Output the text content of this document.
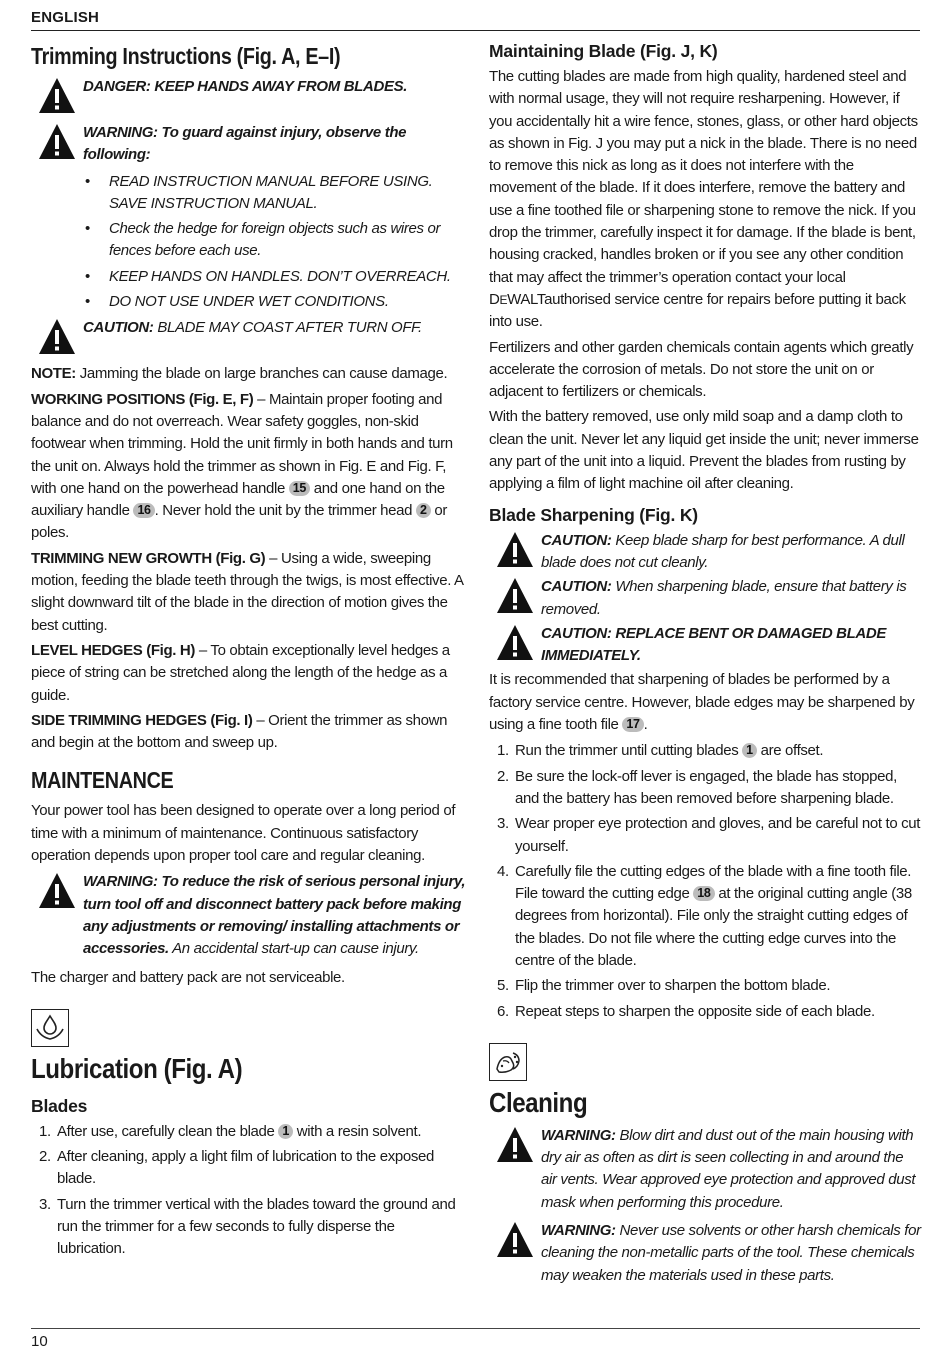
ENGLISH
Trimming Instructions (Fig. A, E–I)
DANGER: KEEP HANDS AWAY FROM BLADES.
WARNING: To guard against injury, observe the following:
• READ INSTRUCTION MANUAL BEFORE USING. SAVE INSTRUCTION MANUAL.
• Check the hedge for foreign objects such as wires or fences before each use.
• KEEP HANDS ON HANDLES. DON’T OVERREACH.
• DO NOT USE UNDER WET CONDITIONS.
CAUTION: BLADE MAY COAST AFTER TURN OFF.

NOTE: Jamming the blade on large branches can cause damage.

WORKING POSITIONS (Fig. E, F) – Maintain proper footing and balance and do not overreach. Wear safety goggles, non-skid footwear when trimming. Hold the unit firmly in both hands and turn the unit on. Always hold the trimmer as shown in Fig. E and Fig. F, with one hand on the powerhead handle 15 and one hand on the auxiliary handle 16 . Never hold the unit by the trimmer head 2 or poles.

TRIMMING NEW GROWTH (Fig. G) – Using a wide, sweeping motion, feeding the blade teeth through the twigs, is most effective. A slight downward tilt of the blade in the direction of motion gives the best cutting.

LEVEL HEDGES (Fig. H) – To obtain exceptionally level hedges a piece of string can be stretched along the length of the hedge as a guide.

SIDE TRIMMING HEDGES (Fig. I) – Orient the trimmer as shown and begin at the bottom and sweep up.

MAINTENANCE

Your power tool has been designed to operate over a long period of time with a minimum of maintenance. Continuous satisfactory operation depends upon proper tool care and regular cleaning.

WARNING: To reduce the risk of serious personal injury, turn tool off and disconnect battery pack before making any adjustments or removing/ installing attachments or accessories. An accidental start-up can cause injury.

The charger and battery pack are not serviceable.

Lubrication (Fig. A)
Blades
1. After use, carefully clean the blade 1 with a resin solvent.
2. After cleaning, apply a light film of lubrication to the exposed blade.
3. Turn the trimmer vertical with the blades toward the ground and run the trimmer for a few seconds to fully disperse the lubrication.
Maintaining Blade (Fig. J, K)

The cutting blades are made from high quality, hardened steel and with normal usage, they will not require resharpening. However, if you accidentally hit a wire fence, stones, glass, or other hard objects as shown in Fig. J you may put a nick in the blade. There is no need to remove this nick as long as it does not interfere with the movement of the blade. If it does interfere, remove the battery and use a fine toothed file or sharpening stone to remove the nick. If you drop the trimmer, carefully inspect it for damage. If the blade is bent, housing cracked, handles broken or if you see any other condition that may affect the trimmer’s operation contact your local DEWALTauthorised service centre for repairs before putting it back into use.

Fertilizers and other garden chemicals contain agents which greatly accelerate the corrosion of metals. Do not store the unit on or adjacent to fertilizers or chemicals.

With the battery removed, use only mild soap and a damp cloth to clean the unit. Never let any liquid get inside the unit; never immerse any part of the unit into a liquid. Prevent the blades from rusting by applying a film of light machine oil after cleaning.

Blade Sharpening (Fig. K)
CAUTION: Keep blade sharp for best performance. A dull blade does not cut cleanly.
CAUTION: When sharpening blade, ensure that battery is removed.
CAUTION: REPLACE BENT OR DAMAGED BLADE IMMEDIATELY.

It is recommended that sharpening of blades be performed by a factory service centre. However, blade edges may be sharpened by using a fine tooth file 17 .

1. Run the trimmer until cutting blades 1 are offset.
2. Be sure the lock-off lever is engaged, the blade has stopped, and the battery has been removed before sharpening blade.
3. Wear proper eye protection and gloves, and be careful not to cut yourself.
4. Carefully file the cutting edges of the blade with a fine tooth file. File toward the cutting edge 18 at the original cutting angle (38 degrees from horizontal). File only the straight cutting edges of the blades. Do not file where the cutting edge curves into the centre of the blade.
5. Flip the trimmer over to sharpen the bottom blade.
6. Repeat steps to sharpen the opposite side of each blade.
Cleaning
WARNING: Blow dirt and dust out of the main housing with dry air as often as dirt is seen collecting in and around the air vents. Wear approved eye protection and approved dust mask when performing this procedure.
WARNING: Never use solvents or other harsh chemicals for cleaning the non-metallic parts of the tool. These chemicals may weaken the materials used in these parts.
10
